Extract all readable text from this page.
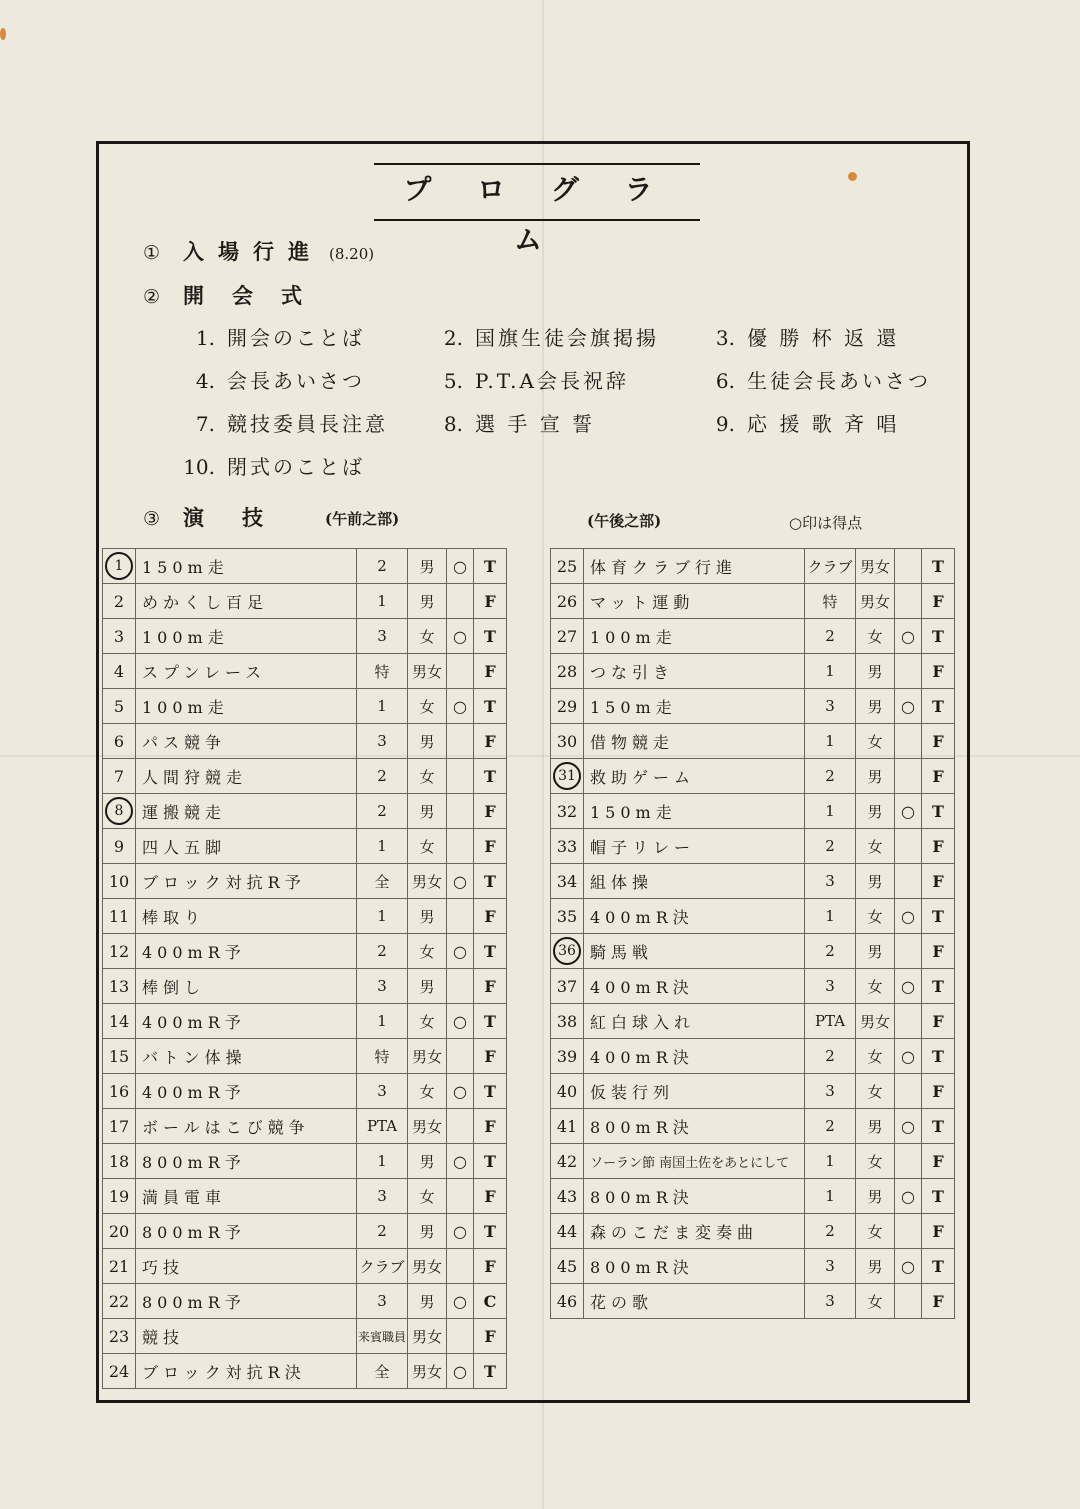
プ ロ グ ラ ム
① 入場行進 (8.20)
② 開会式
1. 開会のことば	2. 国旗生徒会旗掲揚	3. 優 勝 杯 返 還
4. 会長あいさつ	5. P.T.A会長祝辞	6. 生徒会長あいさつ
7. 競技委員長注意	8. 選 手 宣 誓	9. 応 援 歌 斉 唱
10. 閉式のことば
③ 演技 (午前之部)	(午後之部)	○印は得点
1	150m走	2	男	○	T
2	めかくし百足	1	男		F
3	100m走	3	女	○	T
4	スプンレース	特	男女		F
5	100m走	1	女	○	T
6	パス競争	3	男		F
7	人間狩競走	2	女		T
8	運搬競走	2	男		F
9	四人五脚	1	女		F
10	ブロック対抗R予	全	男女	○	T
11	棒取り	1	男		F
12	400mR予	2	女	○	T
13	棒倒し	3	男		F
14	400mR予	1	女	○	T
15	バトン体操	特	男女		F
16	400mR予	3	女	○	T
17	ボールはこび競争	PTA	男女		F
18	800mR予	1	男	○	T
19	満員電車	3	女		F
20	800mR予	2	男	○	T
21	巧技	クラブ	男女		F
22	800mR予	3	男	○	C
23	競技	来賓職員	男女		F
24	ブロック対抗R決	全	男女	○	T
25	体育クラブ行進	クラブ	男女		T
26	マット運動	特	男女		F
27	100m走	2	女	○	T
28	つな引き	1	男		F
29	150m走	3	男	○	T
30	借物競走	1	女		F
31	救助ゲーム	2	男		F
32	150m走	1	男	○	T
33	帽子リレー	2	女		F
34	組体操	3	男		F
35	400mR決	1	女	○	T
36	騎馬戦	2	男		F
37	400mR決	3	女	○	T
38	紅白球入れ	PTA	男女		F
39	400mR決	2	女	○	T
40	仮装行列	3	女		F
41	800mR決	2	男	○	T
42	ソーラン節 南国土佐をあとにして	1	女		F
43	800mR決	1	男	○	T
44	森のこだま変奏曲	2	女		F
45	800mR決	3	男	○	T
46	花の歌	3	女		F
